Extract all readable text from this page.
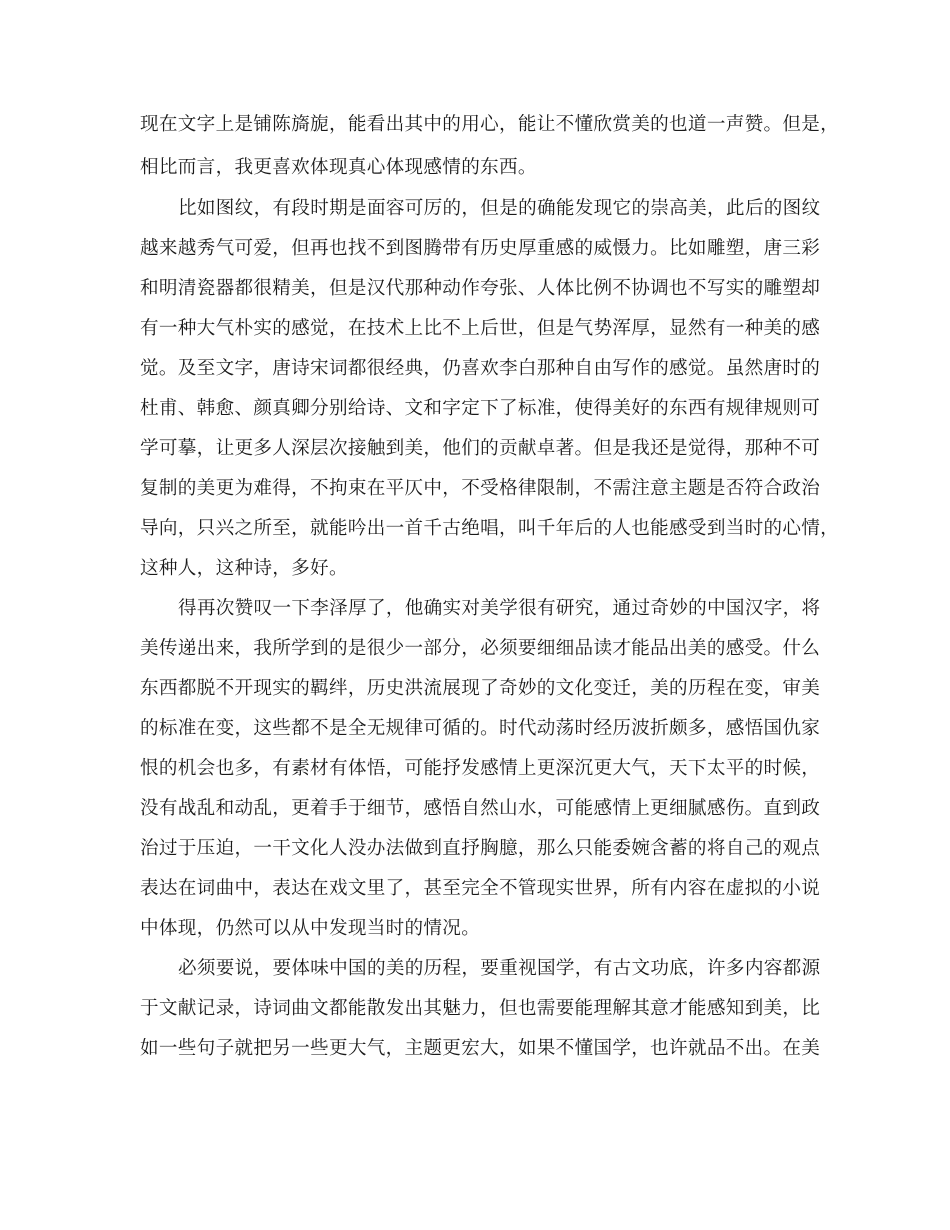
现在文字上是铺陈旖旎，能看出其中的用心，能让不懂欣赏美的也道一声赞。但是，
相比而言，我更喜欢体现真心体现感情的东西。
比如图纹，有段时期是面容可厉的，但是的确能发现它的崇高美，此后的图纹
越来越秀气可爱，但再也找不到图腾带有历史厚重感的威慑力。比如雕塑，唐三彩
和明清瓷器都很精美，但是汉代那种动作夸张、人体比例不协调也不写实的雕塑却
有一种大气朴实的感觉，在技术上比不上后世，但是气势浑厚，显然有一种美的感
觉。及至文字，唐诗宋词都很经典，仍喜欢李白那种自由写作的感觉。虽然唐时的
杜甫、韩愈、颜真卿分别给诗、文和字定下了标准，使得美好的东西有规律规则可
学可摹，让更多人深层次接触到美，他们的贡献卓著。但是我还是觉得，那种不可
复制的美更为难得，不拘束在平仄中，不受格律限制，不需注意主题是否符合政治
导向，只兴之所至，就能吟出一首千古绝唱，叫千年后的人也能感受到当时的心情，
这种人，这种诗，多好。
得再次赞叹一下李泽厚了，他确实对美学很有研究，通过奇妙的中国汉字，将
美传递出来，我所学到的是很少一部分，必须要细细品读才能品出美的感受。什么
东西都脱不开现实的羁绊，历史洪流展现了奇妙的文化变迁，美的历程在变，审美
的标准在变，这些都不是全无规律可循的。时代动荡时经历波折颇多，感悟国仇家
恨的机会也多，有素材有体悟，可能抒发感情上更深沉更大气，天下太平的时候，
没有战乱和动乱，更着手于细节，感悟自然山水，可能感情上更细腻感伤。直到政
治过于压迫，一干文化人没办法做到直抒胸臆，那么只能委婉含蓄的将自己的观点
表达在词曲中，表达在戏文里了，甚至完全不管现实世界，所有内容在虚拟的小说
中体现，仍然可以从中发现当时的情况。
必须要说，要体味中国的美的历程，要重视国学，有古文功底，许多内容都源
于文献记录，诗词曲文都能散发出其魅力，但也需要能理解其意才能感知到美，比
如一些句子就把另一些更大气，主题更宏大，如果不懂国学，也许就品不出。在美
